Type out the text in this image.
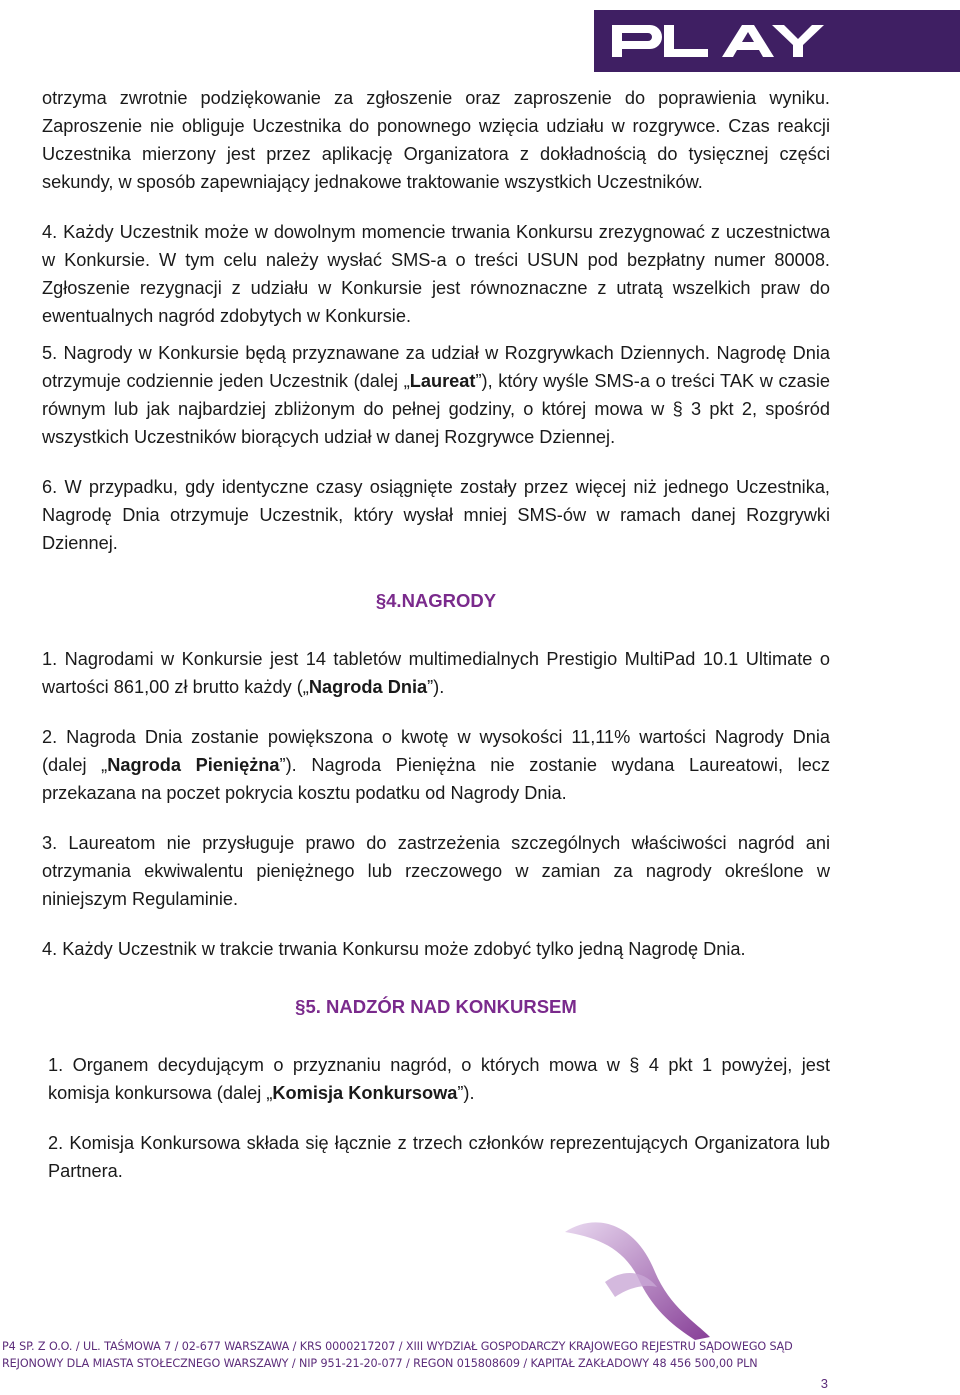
otrzyma zwrotnie podziękowanie za zgłoszenie oraz zaproszenie do poprawienia wyniku. Zaproszenie nie obliguje Uczestnika do ponownego wzięcia udziału w rozgrywce. Czas reakcji Uczestnika mierzony jest przez aplikację Organizatora z dokładnością do tysięcznej części sekundy, w sposób zapewniający jednakowe traktowanie wszystkich Uczestników.

4. Każdy Uczestnik może w dowolnym momencie trwania Konkursu zrezygnować z uczestnictwa w Konkursie. W tym celu należy wysłać SMS-a o treści USUN pod bezpłatny numer 80008. Zgłoszenie rezygnacji z udziału w Konkursie jest równoznaczne z utratą wszelkich praw do ewentualnych nagród zdobytych w Konkursie.

5. Nagrody w Konkursie będą przyznawane za udział w Rozgrywkach Dziennych. Nagrodę Dnia otrzymuje codziennie jeden Uczestnik (dalej „Laureat”), który wyśle SMS-a o treści TAK w czasie równym lub jak najbardziej zbliżonym do pełnej godziny, o której mowa w § 3 pkt 2, spośród wszystkich Uczestników biorących udział w danej Rozgrywce Dziennej.

6. W przypadku, gdy identyczne czasy osiągnięte zostały przez więcej niż jednego Uczestnika, Nagrodę Dnia otrzymuje Uczestnik, który wysłał mniej SMS-ów w ramach danej Rozgrywki Dziennej.

§4.NAGRODY

1. Nagrodami w Konkursie jest 14 tabletów multimedialnych Prestigio MultiPad 10.1 Ultimate o wartości 861,00 zł brutto każdy („Nagroda Dnia”).

2. Nagroda Dnia zostanie powiększona o kwotę w wysokości 11,11% wartości Nagrody Dnia (dalej „Nagroda Pieniężna”). Nagroda Pieniężna nie zostanie wydana Laureatowi, lecz przekazana na poczet pokrycia kosztu podatku od Nagrody Dnia.

3. Laureatom nie przysługuje prawo do zastrzeżenia szczególnych właściwości nagród ani otrzymania ekwiwalentu pieniężnego lub rzeczowego w zamian za nagrody określone w niniejszym Regulaminie.

4. Każdy Uczestnik w trakcie trwania Konkursu może zdobyć tylko jedną Nagrodę Dnia.

§5. NADZÓR NAD KONKURSEM

1. Organem decydującym o przyznaniu nagród, o których mowa w § 4 pkt 1 powyżej, jest komisja konkursowa (dalej „Komisja Konkursowa”).

2. Komisja Konkursowa składa się łącznie z trzech członków reprezentujących Organizatora lub Partnera.

P4 SP. Z O.O. / UL. TAŚMOWA 7 / 02-677 WARSZAWA / KRS 0000217207 / XIII WYDZIAŁ GOSPODARCZY KRAJOWEGO REJESTRU SĄDOWEGO SĄD
REJONOWY DLA MIASTA STOŁECZNEGO WARSZAWY / NIP 951-21-20-077 / REGON 015808609 / KAPITAŁ ZAKŁADOWY 48 456 500,00 PLN
3
